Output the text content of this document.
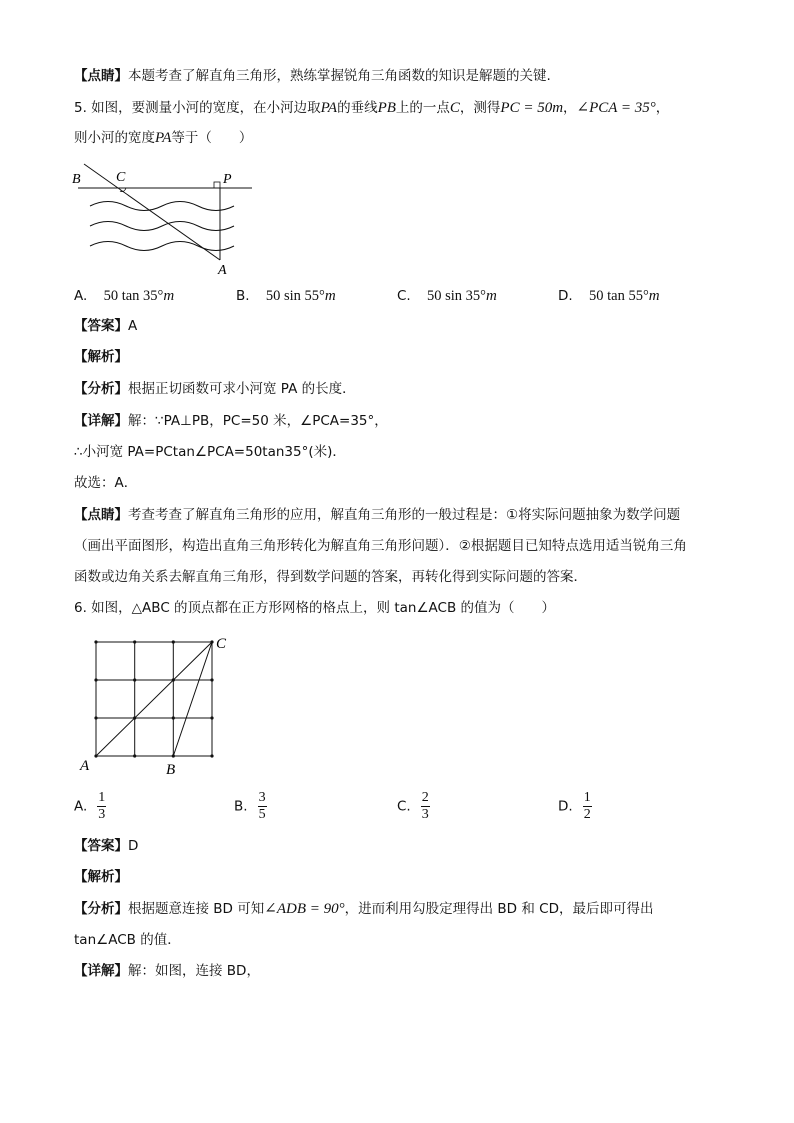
【点睛】本题考查了解直角三角形，熟练掌握锐角三角函数的知识是解题的关键.
5. 如图，要测量小河的宽度，在小河边取PA的垂线PB上的一点C，测得PC = 50m，∠PCA = 35°，
则小河的宽度PA等于（　　）
B	C	P
A
A. 50 tan 35°m	B. 50 sin 55°m	C. 50 sin 35°m	D. 50 tan 55°m
【答案】A
【解析】
【分析】根据正切函数可求小河宽 PA 的长度．
【详解】解：∵PA⊥PB，PC=50 米，∠PCA=35°，
∴小河宽 PA=PCtan∠PCA=50tan35°(米)．
故选：A．
【点睛】考查考查了解直角三角形的应用，解直角三角形的一般过程是：①将实际问题抽象为数学问题
（画出平面图形，构造出直角三角形转化为解直角三角形问题）．②根据题目已知特点选用适当锐角三角
函数或边角关系去解直角三角形，得到数学问题的答案，再转化得到实际问题的答案．
6. 如图，△ABC 的顶点都在正方形网格的格点上，则 tan∠ACB 的值为（　　）
A	B
C
A. $\frac{1}{3}$	B. $\frac{3}{5}$	C. $\frac{2}{3}$	D. $\frac{1}{2}$
【答案】D
【解析】
【分析】根据题意连接 BD 可知∠ADB = 90°，进而利用勾股定理得出 BD 和 CD，最后即可得出
tan∠ACB 的值．
【详解】解：如图，连接 BD，
